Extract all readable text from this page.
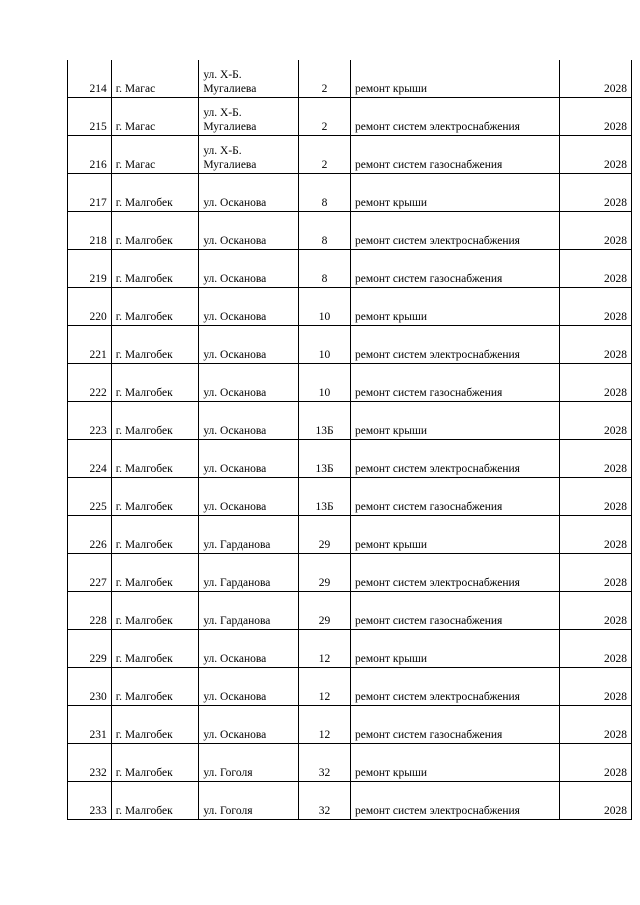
214	г. Магас	ул. Х-Б. Мугалиева	2	ремонт крыши	2028
215	г. Магас	ул. Х-Б. Мугалиева	2	ремонт систем электроснабжения	2028
216	г. Магас	ул. Х-Б. Мугалиева	2	ремонт систем газоснабжения	2028
217	г. Малгобек	ул. Осканова	8	ремонт крыши	2028
218	г. Малгобек	ул. Осканова	8	ремонт систем электроснабжения	2028
219	г. Малгобек	ул. Осканова	8	ремонт систем газоснабжения	2028
220	г. Малгобек	ул. Осканова	10	ремонт крыши	2028
221	г. Малгобек	ул. Осканова	10	ремонт систем электроснабжения	2028
222	г. Малгобек	ул. Осканова	10	ремонт систем газоснабжения	2028
223	г. Малгобек	ул. Осканова	13Б	ремонт крыши	2028
224	г. Малгобек	ул. Осканова	13Б	ремонт систем электроснабжения	2028
225	г. Малгобек	ул. Осканова	13Б	ремонт систем газоснабжения	2028
226	г. Малгобек	ул. Гарданова	29	ремонт крыши	2028
227	г. Малгобек	ул. Гарданова	29	ремонт систем электроснабжения	2028
228	г. Малгобек	ул. Гарданова	29	ремонт систем газоснабжения	2028
229	г. Малгобек	ул. Осканова	12	ремонт крыши	2028
230	г. Малгобек	ул. Осканова	12	ремонт систем электроснабжения	2028
231	г. Малгобек	ул. Осканова	12	ремонт систем газоснабжения	2028
232	г. Малгобек	ул. Гоголя	32	ремонт крыши	2028
233	г. Малгобек	ул. Гоголя	32	ремонт систем электроснабжения	2028
